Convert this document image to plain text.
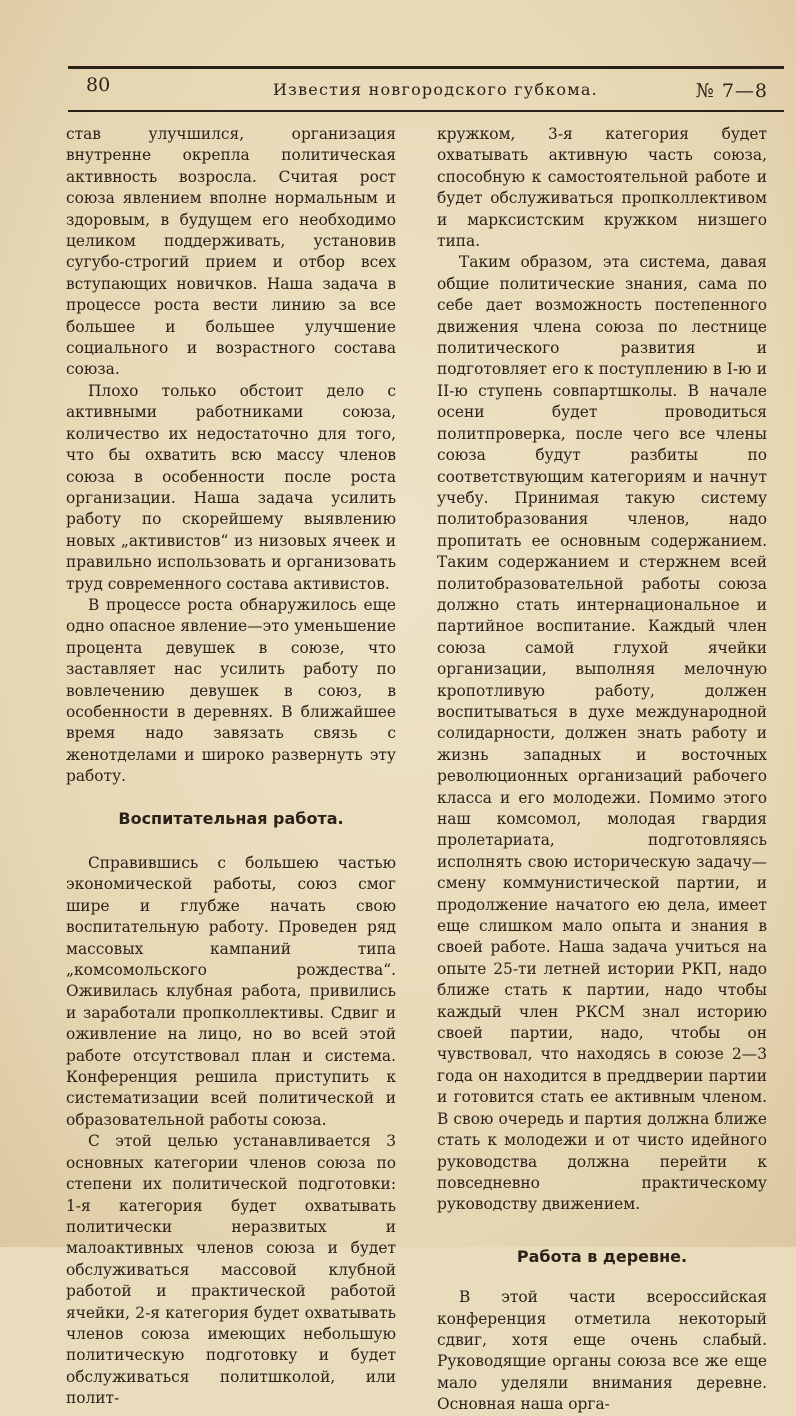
80	Известия новгородского губкома.	№ 7—8

став улучшился, организация внутренне окрепла политическая активность возросла. Считая рост союза явлением вполне нормальным и здоровым, в будущем его необходимо целиком поддерживать, установив сугубо-строгий прием и отбор всех вступающих новичков. Наша задача в процессе роста вести линию за все большее и большее улучшение социального и возрастного состава союза.

Плохо только обстоит дело с активными работниками союза, количество их недостаточно для того, что бы охватить всю массу членов союза в особенности после роста организации. Наша задача усилить работу по скорейшему выявлению новых „активистов“ из низовых ячеек и правильно использовать и организовать труд современного состава активистов.

В процессе роста обнаружилось еще одно опасное явление—это уменьшение процента девушек в союзе, что заставляет нас усилить работу по вовлечению девушек в союз, в особенности в деревнях. В ближайшее время надо завязать связь с женотделами и широко развернуть эту работу.

Воспитательная работа.

Справившись с большею частью экономической работы, союз смог шире и глубже начать свою воспитательную работу. Проведен ряд массовых кампаний типа „комсомольского рождества“. Оживилась клубная работа, привились и заработали пропколлективы. Сдвиг и оживление на лицо, но во всей этой работе отсутствовал план и система. Конференция решила приступить к систематизации всей политической и образовательной работы союза.

С этой целью устанавливается 3 основных категории членов союза по степени их политической подготовки: 1-я категория будет охватывать политически неразвитых и малоактивных членов союза и будет обслуживаться массовой клубной работой и практической работой ячейки, 2-я категория будет охватывать членов союза имеющих небольшую политическую подготовку и будет обслуживаться политшколой, или полит-

кружком, 3-я категория будет охватывать активную часть союза, способную к самостоятельной работе и будет обслуживаться пропколлективом и марксистским кружком низшего типа.

Таким образом, эта система, давая общие политические знания, сама по себе дает возможность постепенного движения члена союза по лестнице политического развития и подготовляет его к поступлению в I-ю и II-ю ступень совпартшколы. В начале осени будет проводиться политпроверка, после чего все члены союза будут разбиты по соответствующим категориям и начнут учебу. Принимая такую систему политобразования членов, надо пропитать ее основным содержанием. Таким содержанием и стержнем всей политобразовательной работы союза должно стать интернациональное и партийное воспитание. Каждый член союза самой глухой ячейки организации, выполняя мелочную кропотливую работу, должен воспитываться в духе международной солидарности, должен знать работу и жизнь западных и восточных революционных организаций рабочего класса и его молодежи. Помимо этого наш комсомол, молодая гвардия пролетариата, подготовляясь исполнять свою историческую задачу—смену коммунистической партии, и продолжение начатого ею дела, имеет еще слишком мало опыта и знания в своей работе. Наша задача учиться на опыте 25-ти летней истории РКП, надо ближе стать к партии, надо чтобы каждый член РКСМ знал историю своей партии, надо, чтобы он чувствовал, что находясь в союзе 2—3 года он находится в преддверии партии и готовится стать ее активным членом. В свою очередь и партия должна ближе стать к молодежи и от чисто идейного руководства должна перейти к повседневно практическому руководству движением.

Работа в деревне.

В этой части всероссийская конференция отметила некоторый сдвиг, хотя еще очень слабый. Руководящие органы союза все же еще мало уделяли внимания деревне. Основная наша орга-
